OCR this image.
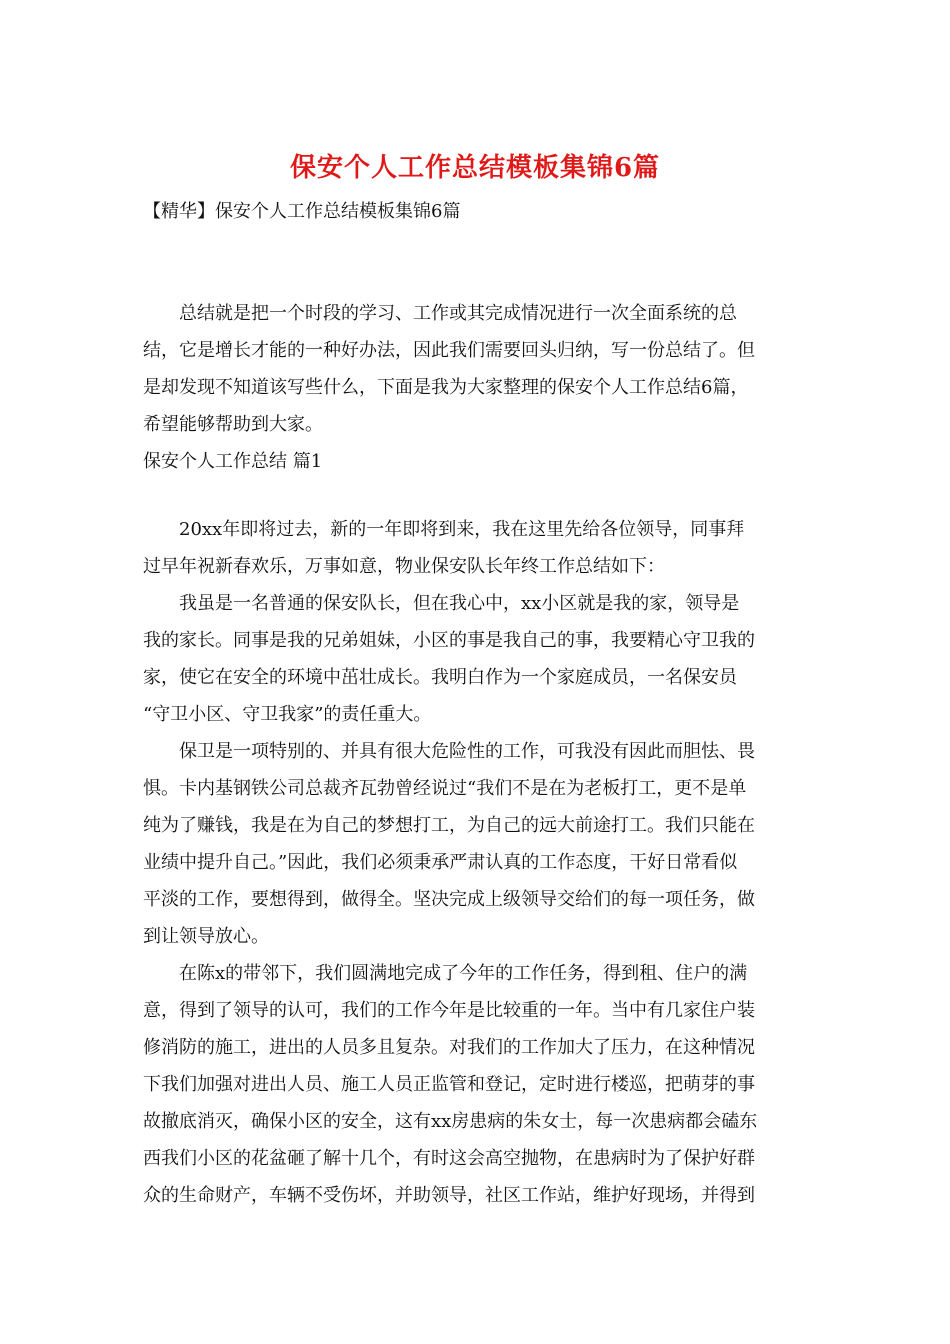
保安个人工作总结模板集锦6篇
【精华】保安个人工作总结模板集锦6篇
　　总结就是把一个时段的学习、工作或其完成情况进行一次全面系统的总
结，它是增长才能的一种好办法，因此我们需要回头归纳，写一份总结了。但
是却发现不知道该写些什么，下面是我为大家整理的保安个人工作总结6篇，
希望能够帮助到大家。
保安个人工作总结 篇1
　　20xx年即将过去，新的一年即将到来，我在这里先给各位领导，同事拜
过早年祝新春欢乐，万事如意，物业保安队长年终工作总结如下：
　　我虽是一名普通的保安队长，但在我心中，xx小区就是我的家，领导是
我的家长。同事是我的兄弟姐妹，小区的事是我自己的事，我要精心守卫我的
家，使它在安全的环境中茁壮成长。我明白作为一个家庭成员，一名保安员
“守卫小区、守卫我家”的责任重大。
　　保卫是一项特别的、并具有很大危险性的工作，可我没有因此而胆怯、畏
惧。卡内基钢铁公司总裁齐瓦勃曾经说过“我们不是在为老板打工，更不是单
纯为了赚钱，我是在为自己的梦想打工，为自己的远大前途打工。我们只能在
业绩中提升自己。”因此，我们必须秉承严肃认真的工作态度，干好日常看似
平淡的工作，要想得到，做得全。坚决完成上级领导交给们的每一项任务，做
到让领导放心。
　　在陈x的带邻下，我们圆满地完成了今年的工作任务，得到租、住户的满
意，得到了领导的认可，我们的工作今年是比较重的一年。当中有几家住户装
修消防的施工，进出的人员多且复杂。对我们的工作加大了压力，在这种情况
下我们加强对进出人员、施工人员正监管和登记，定时进行楼巡，把萌芽的事
故撤底消灭，确保小区的安全，这有xx房患病的朱女士，每一次患病都会磕东
西我们小区的花盆砸了解十几个，有时这会高空抛物，在患病时为了保护好群
众的生命财产，车辆不受伤坏，并助领导，社区工作站，维护好现场，并得到
